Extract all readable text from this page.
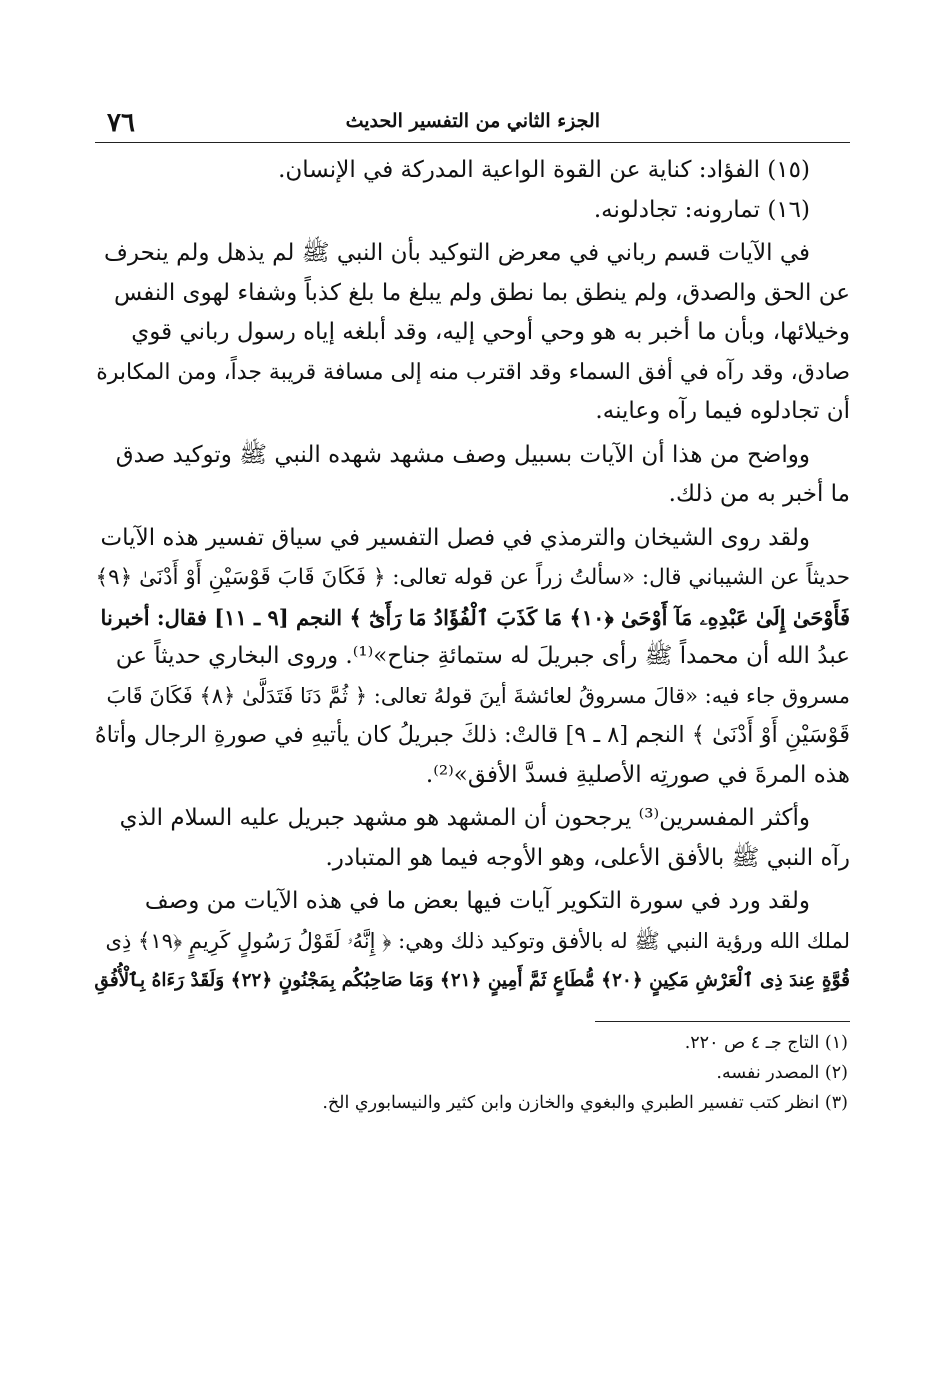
الجزء الثاني من التفسير الحديث
٧٦
(١٥) الفؤاد: كناية عن القوة الواعية المدركة في الإنسان.
(١٦) تمارونه: تجادلونه.
في الآيات قسم رباني في معرض التوكيد بأن النبي ﷺ لم يذهل ولم ينحرف
عن الحق والصدق، ولم ينطق بما نطق ولم يبلغ ما بلغ كذباً وشفاء لهوى النفس
وخيلائها، وبأن ما أخبر به هو وحي أوحي إليه، وقد أبلغه إياه رسول رباني قوي
صادق، وقد رآه في أفق السماء وقد اقترب منه إلى مسافة قريبة جداً، ومن المكابرة
أن تجادلوه فيما رآه وعاينه.
وواضح من هذا أن الآيات بسبيل وصف مشهد شهده النبي ﷺ وتوكيد صدق
ما أخبر به من ذلك.
ولقد روى الشيخان والترمذي في فصل التفسير في سياق تفسير هذه الآيات
حديثاً عن الشيباني قال: «سألتُ زراً عن قوله تعالى: ﴿ فَكَانَ قَابَ قَوْسَيْنِ أَوْ أَدْنَىٰ ﴿٩﴾
فَأَوْحَىٰ إِلَىٰ عَبْدِهِۦ مَآ أَوْحَىٰ ﴿١٠﴾ مَا كَذَبَ ٱلْفُؤَادُ مَا رَأَىٰٓ ﴾ النجم [٩ ـ ١١] فقال: أخبرنا
عبدُ الله أن محمداً ﷺ رأى جبريلَ له ستمائةِ جناح»⁽¹⁾. وروى البخاري حديثاً عن
مسروق جاء فيه: «قالَ مسروقُ لعائشةَ أينَ قولهُ تعالى: ﴿ ثُمَّ دَنَا فَتَدَلَّىٰ ﴿٨﴾ فَكَانَ قَابَ
قَوْسَيْنِ أَوْ أَدْنَىٰ ﴾ النجم [٨ ـ ٩] قالتْ: ذلكَ جبريلُ كان يأتيهِ في صورةِ الرجال وأتاهُ
هذه المرةَ في صورتِه الأصليةِ فسدَّ الأفق»⁽²⁾.
وأكثر المفسرين⁽³⁾ يرجحون أن المشهد هو مشهد جبريل عليه السلام الذي
رآه النبي ﷺ بالأفق الأعلى، وهو الأوجه فيما هو المتبادر.
ولقد ورد في سورة التكوير آيات فيها بعض ما في هذه الآيات من وصف
لملك الله ورؤية النبي ﷺ له بالأفق وتوكيد ذلك وهي: ﴿ إِنَّهُۥ لَقَوْلُ رَسُولٍ كَرِيمٍ ﴿١٩﴾ ذِى
قُوَّةٍ عِندَ ذِى ٱلْعَرْشِ مَكِينٍ ﴿٢٠﴾ مُّطَاعٍ ثَمَّ أَمِينٍ ﴿٢١﴾ وَمَا صَاحِبُكُم بِمَجْنُونٍ ﴿٢٢﴾ وَلَقَدْ رَءَاهُ بِٱلْأُفُقِ
(١) التاج جـ ٤ ص ٢٢٠.
(٢) المصدر نفسه.
(٣) انظر كتب تفسير الطبري والبغوي والخازن وابن كثير والنيسابوري الخ.
